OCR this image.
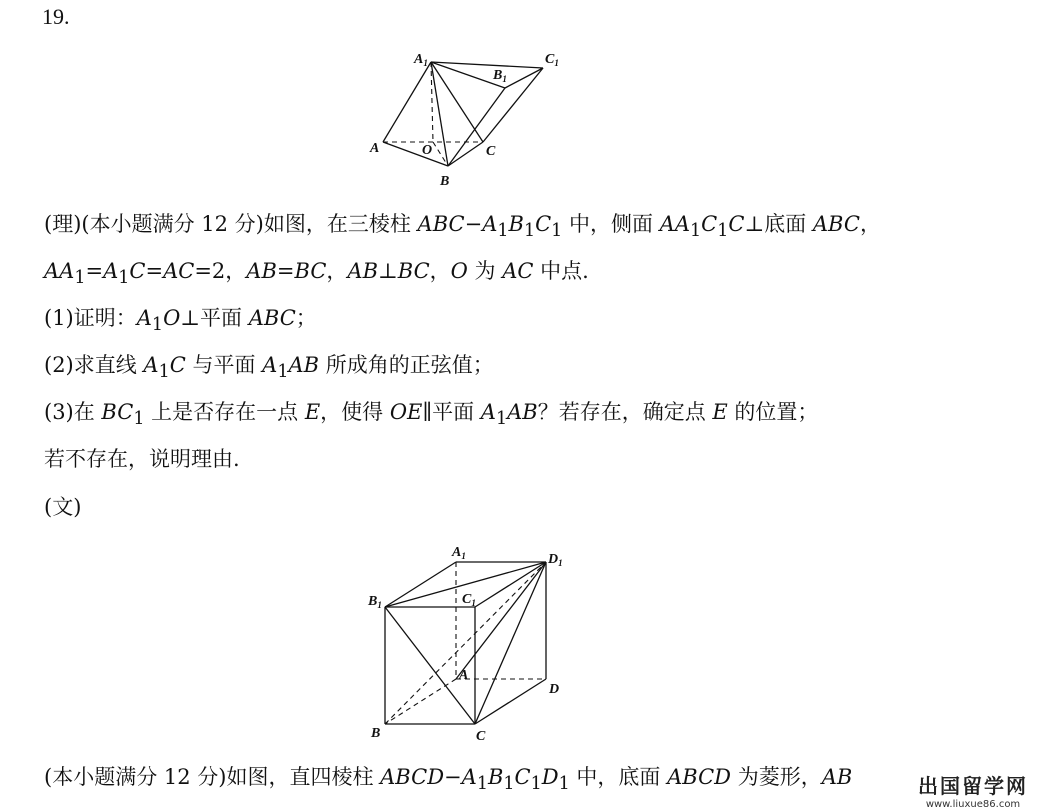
19.
$A_1$
$B_1$
$C_1$
A	O	C
B
(理)(本小题满分 12 分)如图，在三棱柱 $ABC-A_1B_1C_1$ 中，侧面 $AA_1C_1C\perp$底面 ABC，
$AA_1=A_1C=AC=2$，AB=BC，AB⊥BC，O 为 AC 中点.
(1)证明：$A_1O\perp$平面 ABC；
(2)求直线 $A_1C$ 与平面 $A_1AB$ 所成角的正弦值；
(3)在 $BC_1$ 上是否存在一点 E，使得 OE∥平面 $A_1AB$？若存在，确定点 E 的位置；
若不存在，说明理由.
(文)
$A_1$	$D_1$
$B_1$	$C_1$
A
D
B	C
(本小题满分 12 分)如图，直四棱柱 $ABCD-A_1B_1C_1D_1$ 中，底面 ABCD 为菱形，AB	出国留学网
www.liuxue86.com
